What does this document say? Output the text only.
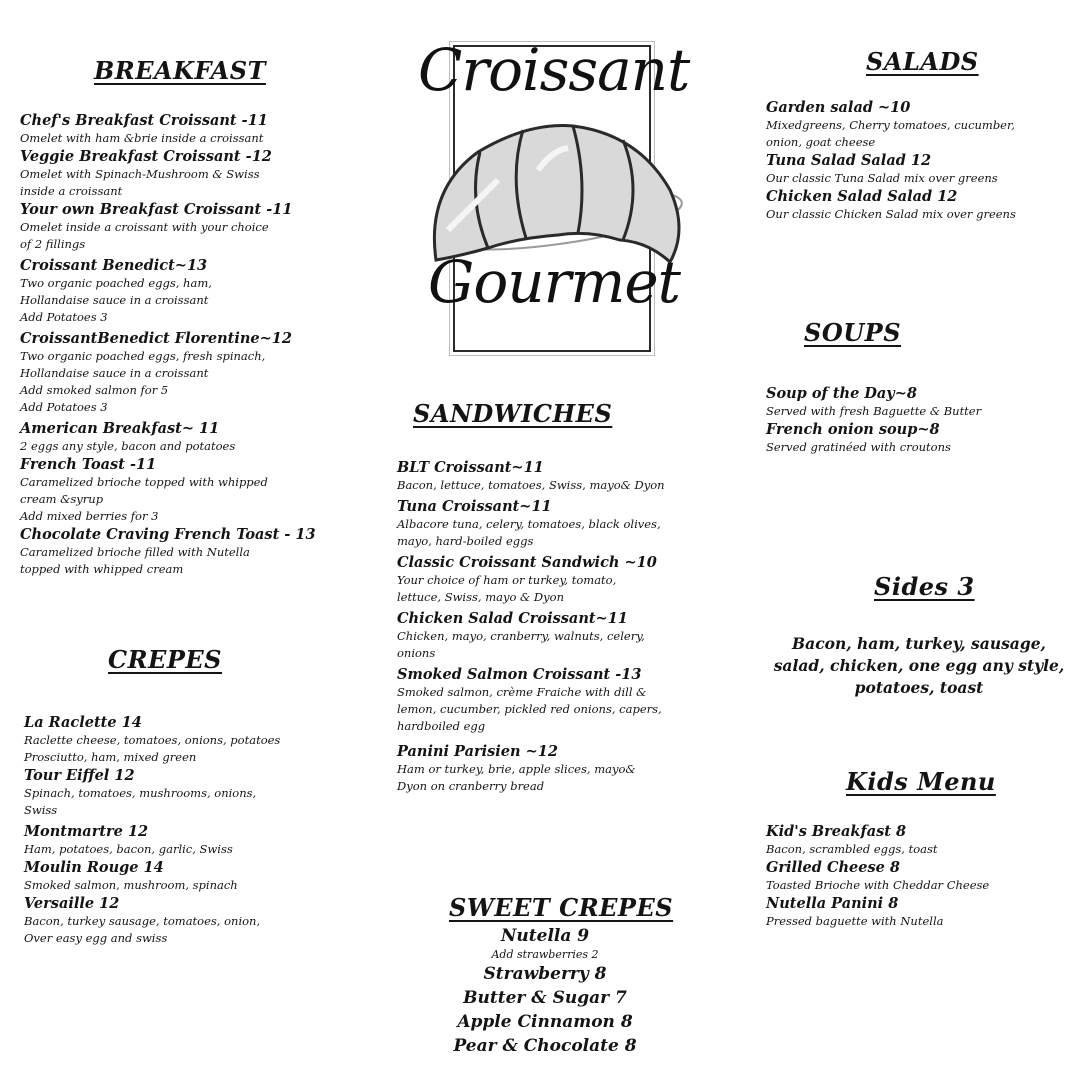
Croissant
Gourmet
BREAKFAST
Chef's Breakfast Croissant -11
Omelet with ham &brie inside a croissant
Veggie Breakfast Croissant -12
Omelet with Spinach-Mushroom & Swiss
inside a croissant
Your own Breakfast Croissant -11
Omelet inside a croissant with your choice
of 2 fillings
Croissant Benedict~13
Two organic poached eggs, ham,
Hollandaise sauce in a croissant
Add Potatoes 3
CroissantBenedict Florentine~12
Two organic poached eggs, fresh spinach,
Hollandaise sauce in a croissant
Add smoked salmon for 5
Add Potatoes 3
American Breakfast~ 11
2 eggs any style, bacon and potatoes
French Toast -11
Caramelized brioche topped with whipped
cream &syrup
Add mixed berries for 3
Chocolate Craving French Toast - 13
Caramelized brioche filled with Nutella
topped with whipped cream
CREPES
La Raclette 14
Raclette cheese, tomatoes, onions, potatoes
Prosciutto, ham, mixed green
Tour Eiffel 12
Spinach, tomatoes, mushrooms, onions,
Swiss
Montmartre 12
Ham, potatoes, bacon, garlic, Swiss
Moulin Rouge 14
Smoked salmon, mushroom, spinach
Versaille 12
Bacon, turkey sausage, tomatoes, onion,
Over easy egg and swiss
SANDWICHES
BLT Croissant~11
Bacon, lettuce, tomatoes, Swiss, mayo& Dyon
Tuna Croissant~11
Albacore tuna, celery, tomatoes, black olives,
mayo, hard-boiled eggs
Classic Croissant Sandwich ~10
Your choice of ham or turkey, tomato,
lettuce, Swiss, mayo & Dyon
Chicken Salad Croissant~11
Chicken, mayo, cranberry, walnuts, celery,
onions
Smoked Salmon Croissant -13
Smoked salmon, crème Fraiche with dill &
lemon, cucumber, pickled red onions, capers,
hardboiled egg
Panini Parisien ~12
Ham or turkey, brie, apple slices, mayo&
Dyon on cranberry bread
SWEET CREPES
Nutella 9
Add strawberries 2
Strawberry 8
Butter & Sugar 7
Apple Cinnamon 8
Pear & Chocolate 8
SALADS
Garden salad ~10
Mixedgreens, Cherry tomatoes, cucumber,
onion, goat cheese
Tuna Salad Salad 12
Our classic Tuna Salad mix over greens
Chicken Salad Salad 12
Our classic Chicken Salad mix over greens
SOUPS
Soup of the Day~8
Served with fresh Baguette & Butter
French onion soup~8
Served gratinéed with croutons
Sides 3
Bacon, ham, turkey, sausage,
salad, chicken, one egg any style,
potatoes, toast
Kids Menu
Kid's Breakfast 8
Bacon, scrambled eggs, toast
Grilled Cheese 8
Toasted Brioche with Cheddar Cheese
Nutella Panini 8
Pressed baguette with Nutella
